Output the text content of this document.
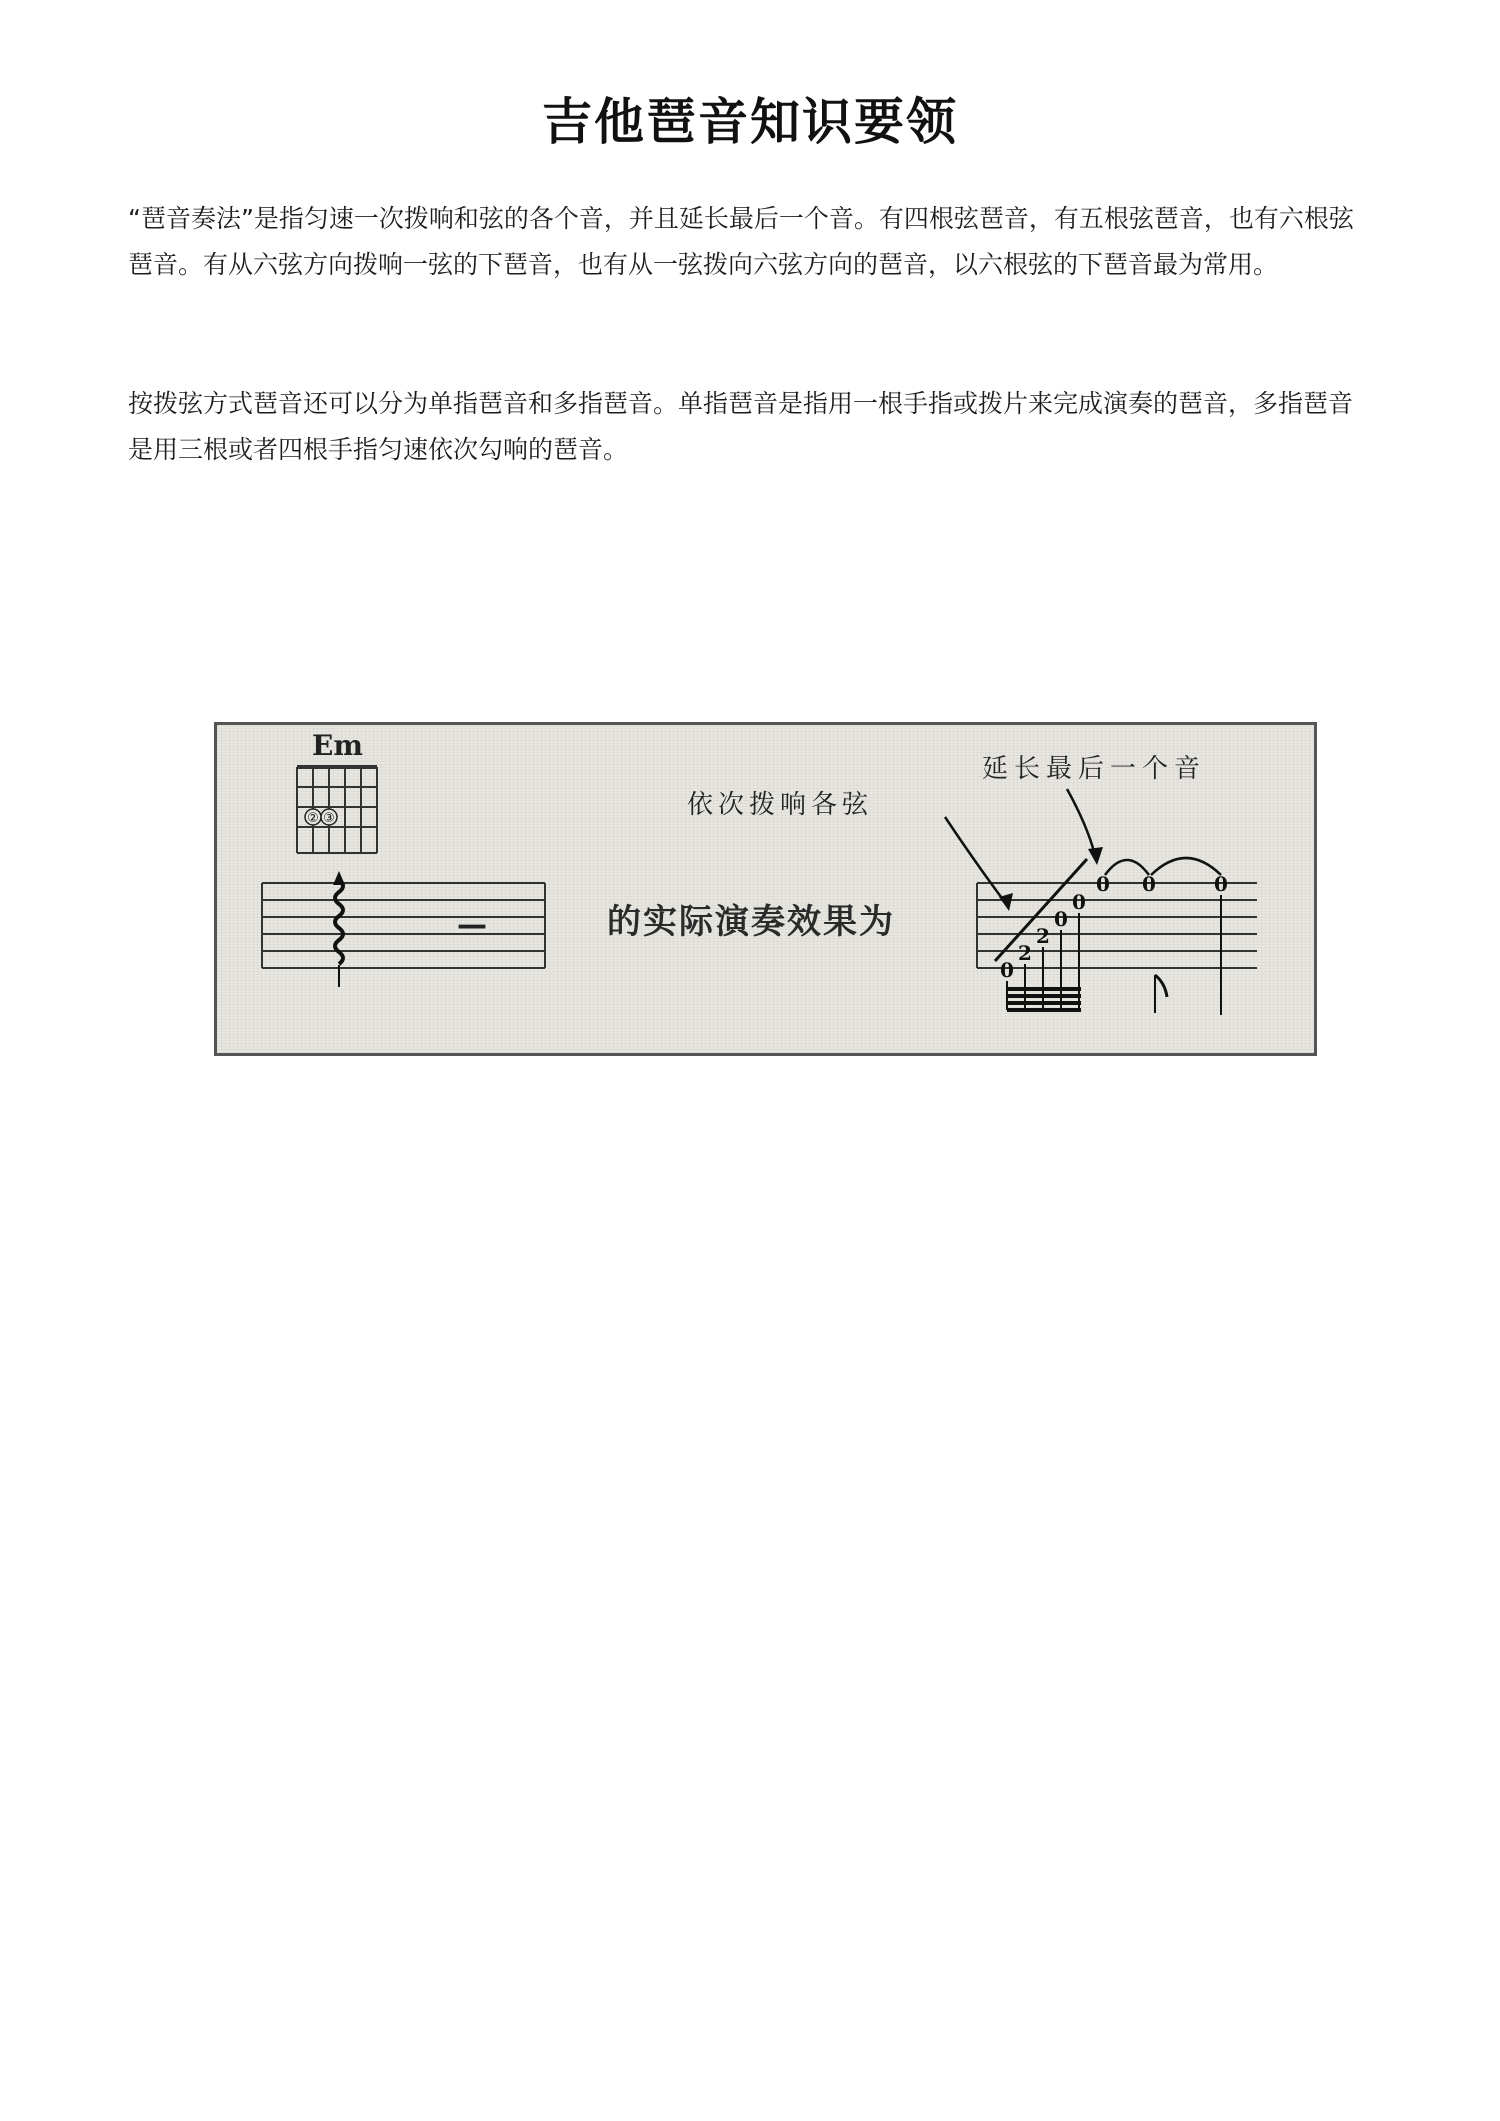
吉他琶音知识要领

“琶音奏法”是指匀速一次拨响和弦的各个音，并且延长最后一个音。有四根弦琶音，有五根弦琶音，也有六根弦琶音。有从六弦方向拨响一弦的下琶音，也有从一弦拨向六弦方向的琶音，以六根弦的下琶音最为常用。

按拨弦方式琶音还可以分为单指琶音和多指琶音。单指琶音是指用一根手指或拨片来完成演奏的琶音，多指琶音是用三根或者四根手指匀速依次勾响的琶音。

Em
② ③
—	的实际演奏效果为
0
2
2
0
0
0 0	0
依次拨响各弦
延长最后一个音
